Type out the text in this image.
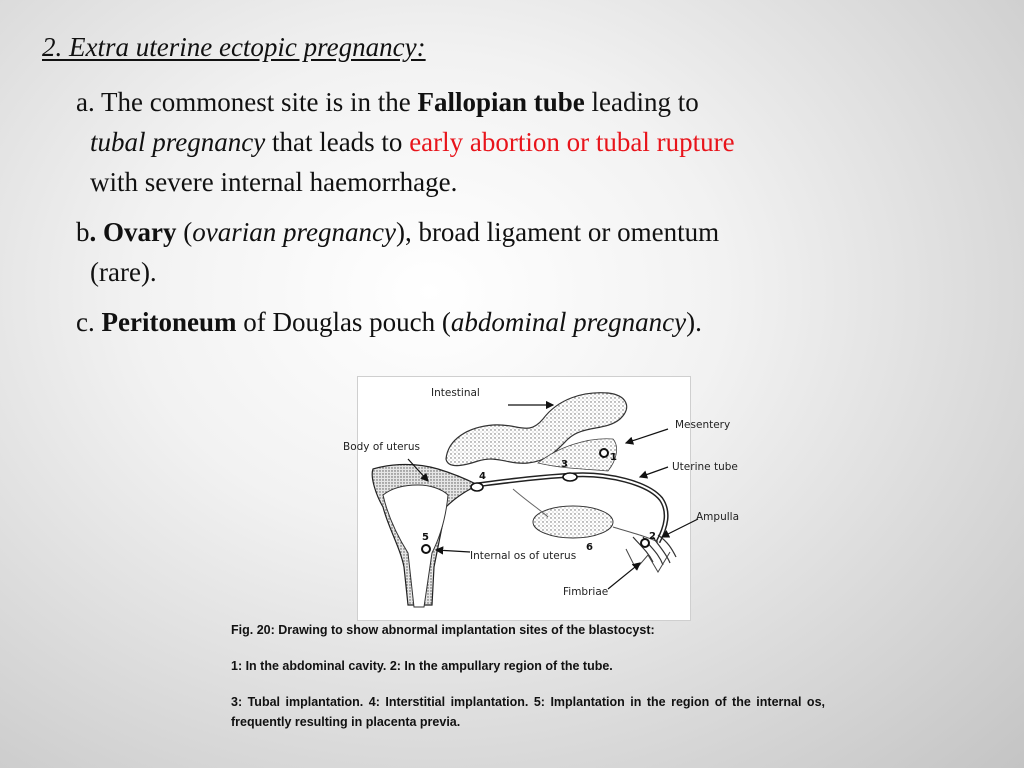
2. Extra uterine ectopic pregnancy:
a. The commonest site is in the Fallopian tube leading to
tubal pregnancy that leads to early abortion or tubal rupture
with severe internal haemorrhage.
b. Ovary (ovarian pregnancy), broad ligament or omentum
(rare).
c. Peritoneum of Douglas pouch (abdominal pregnancy).
Intestinal
Body of uterus
Mesentery
Uterine tube
Ampulla
Internal os of uterus
Fimbriae
1
2
3
4
5
6
Fig. 20: Drawing to show abnormal implantation sites of the blastocyst:
1: In the abdominal cavity. 2: In the ampullary region of the tube.
3: Tubal implantation. 4: Interstitial implantation. 5: Implantation in the region of the internal os, frequently resulting in placenta previa.
